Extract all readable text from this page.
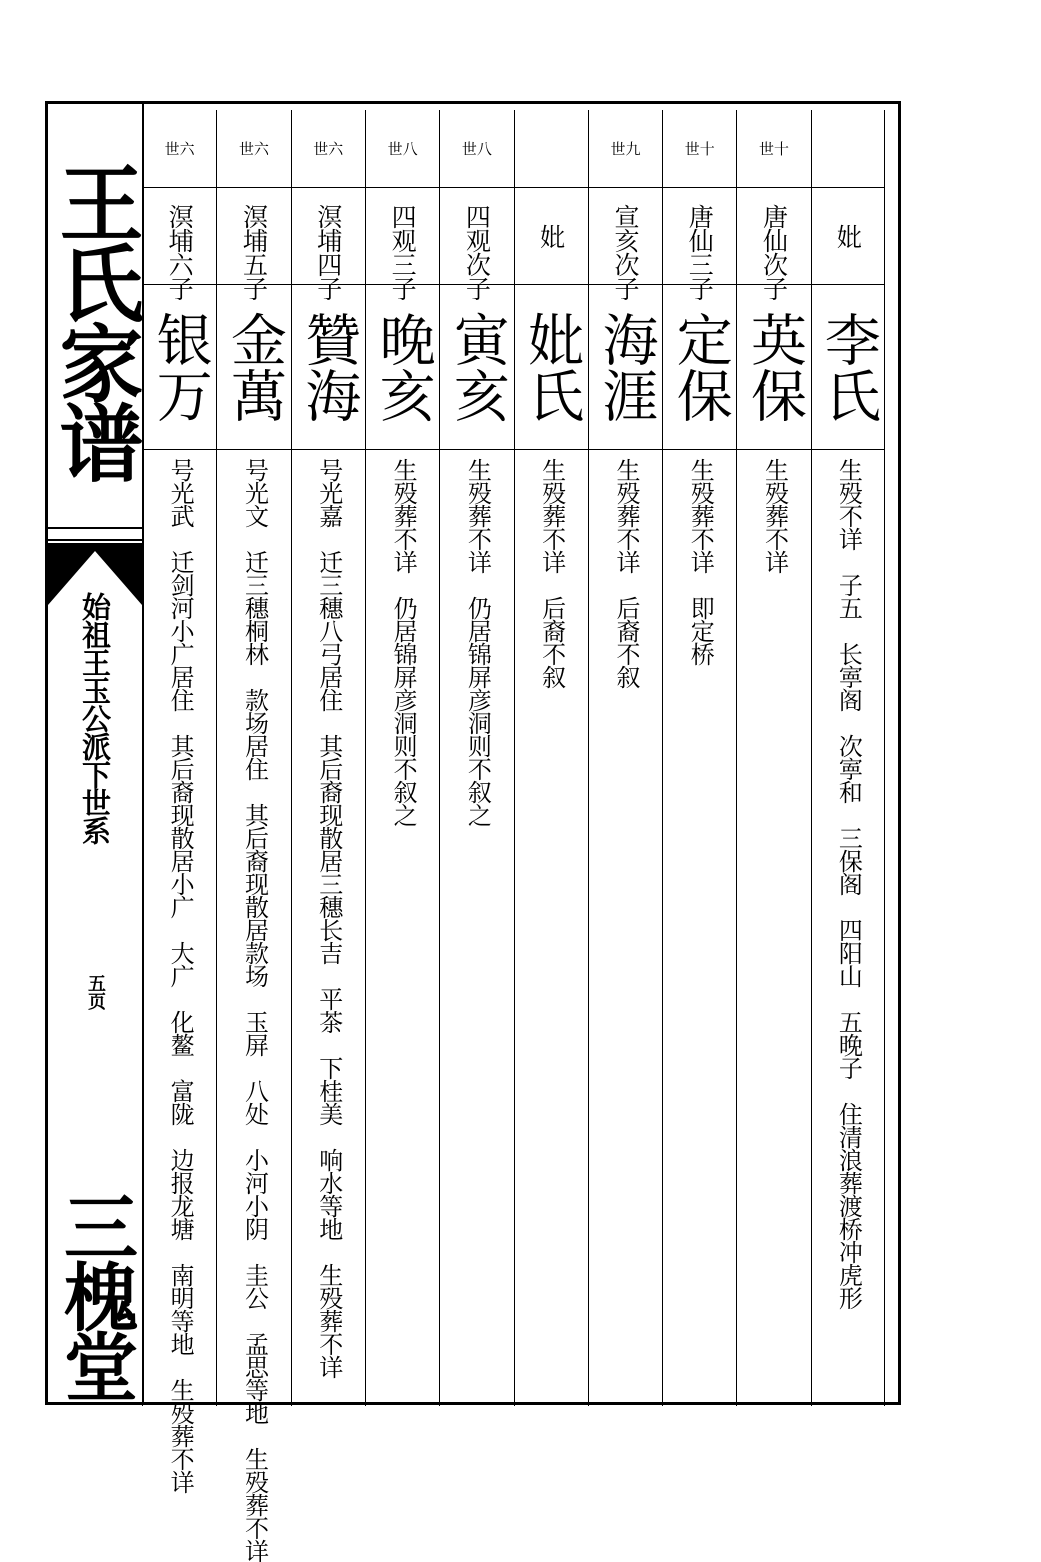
王氏家谱
始祖王玉公派下世系
五页
三槐堂
妣
李氏
生殁不详　子五　长寕阁　次寕和　三保阁　四阳山　五晚子　住清浪葬渡桥冲虎形
世十
唐仙次子
英保
生殁葬不详
世十
唐仙三子
定保
生殁葬不详　即定桥
世九
宣亥次子
海涯
生殁葬不详　后裔不叙
妣
妣氏
生殁葬不详　后裔不叙
世八
四观次子
寅亥
生殁葬不详　仍居锦屏彦洞则不叙之
世八
四观三子
晚亥
生殁葬不详　仍居锦屏彦洞则不叙之
世六
溟埔四子
贊海
号光嘉　迁三穗八弓居住　其后裔现散居三穗长吉　平茶　下桂美　响水等地　生殁葬不详
世六
溟埔五子
金萬
号光文　迁三穗桐林　款场居住　其后裔现散居款场　玉屏　八处　小河小阴　圭公　孟思等地　生殁葬不详
世六
溟埔六子
银万
号光武　迁剑河小广居住　其后裔现散居小广　大广　化鳌　富陇　边报龙塘　南明等地　生殁葬不详
